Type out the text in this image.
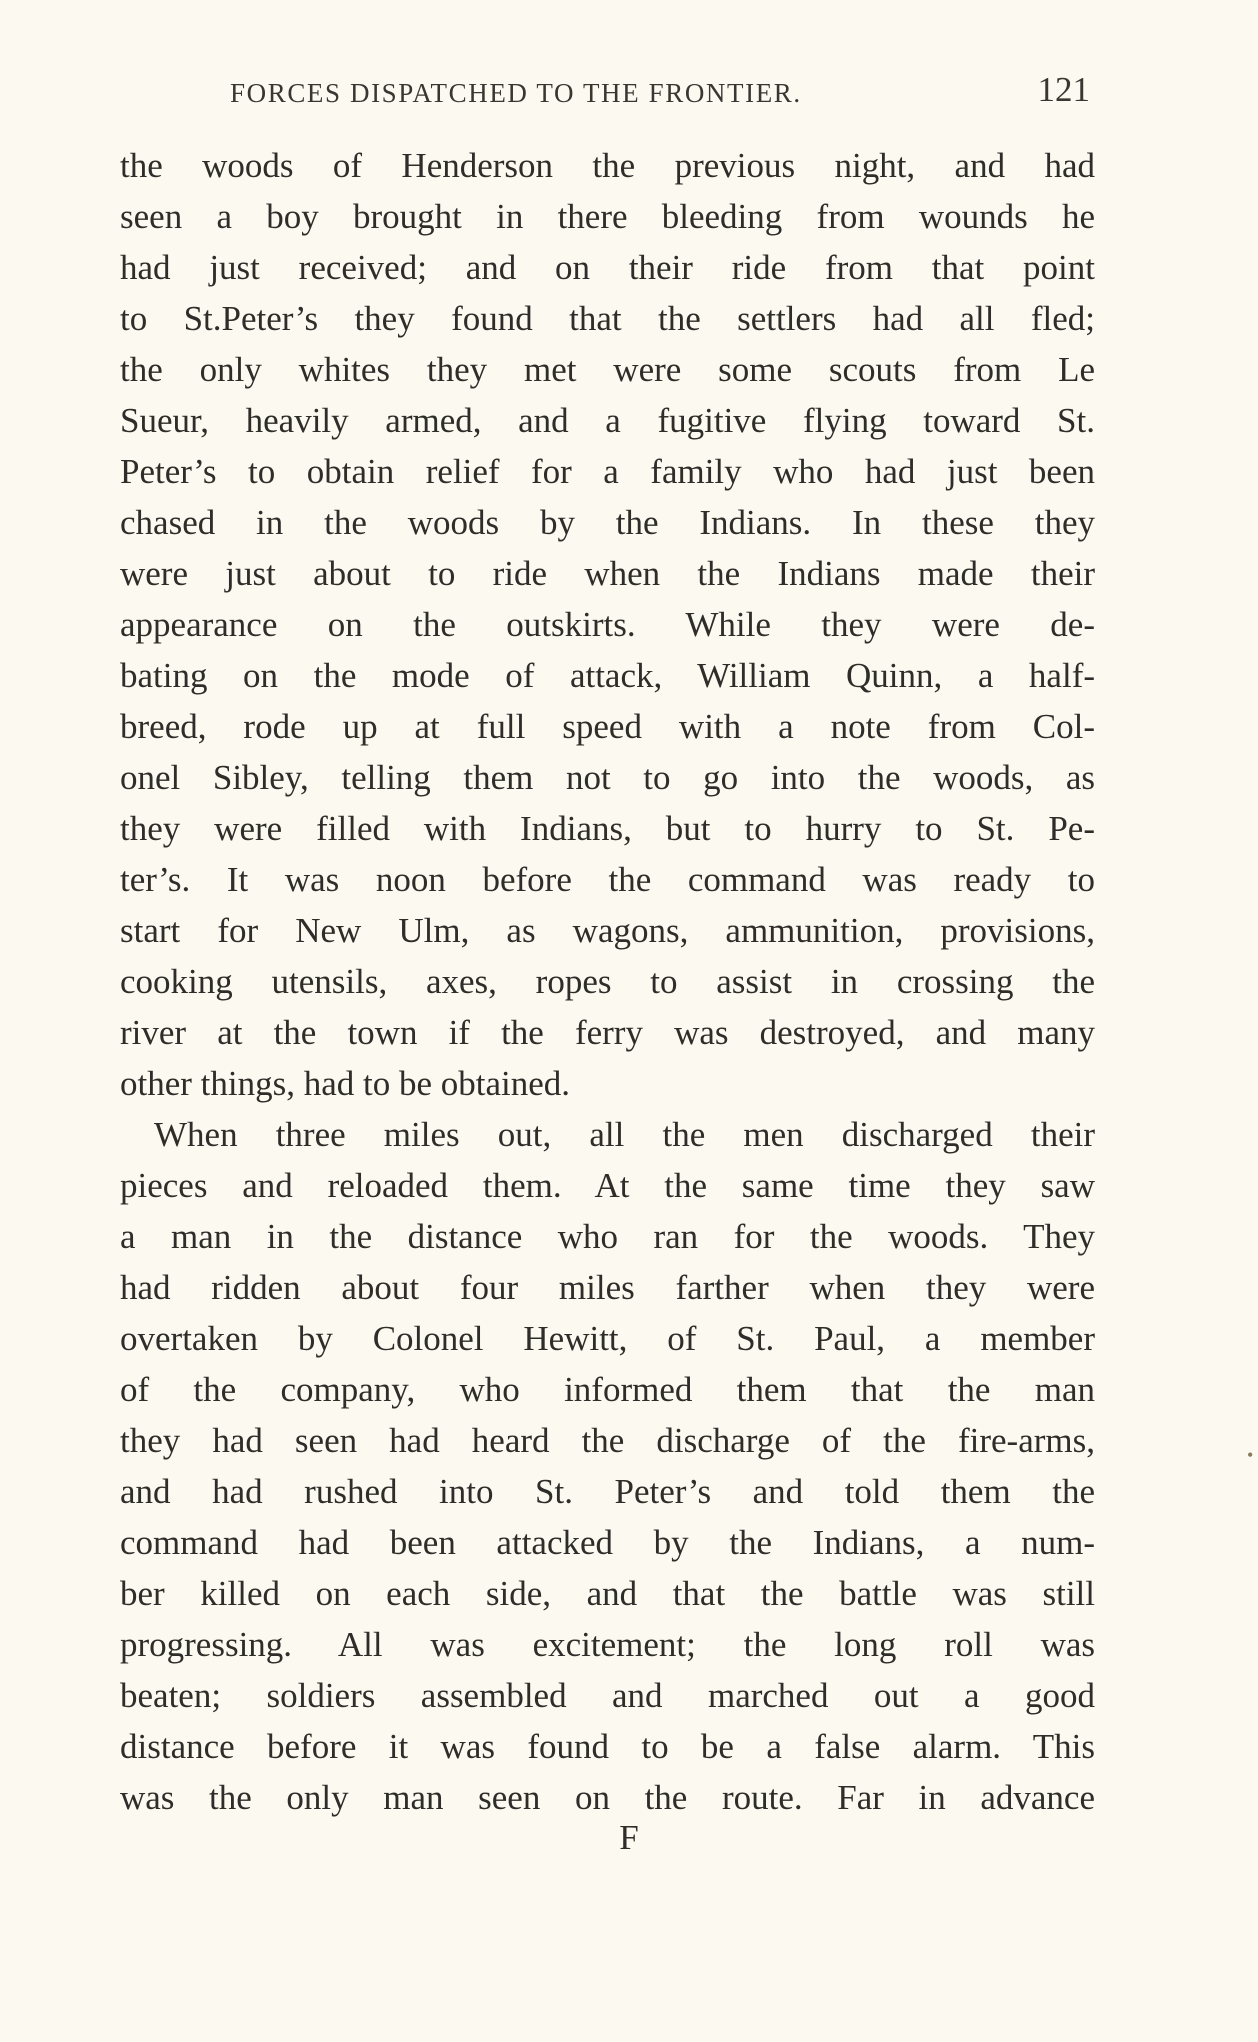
FORCES DISPATCHED TO THE FRONTIER.	121
the woods of Henderson the previous night, and had
seen a boy brought in there bleeding from wounds he
had just received; and on their ride from that point
to St.Peter’s they found that the settlers had all fled;
the only whites they met were some scouts from Le
Sueur, heavily armed, and a fugitive flying toward St.
Peter’s to obtain relief for a family who had just been
chased in the woods by the Indians. In these they
were just about to ride when the Indians made their
appearance on the outskirts. While they were de-
bating on the mode of attack, William Quinn, a half-
breed, rode up at full speed with a note from Col-
onel Sibley, telling them not to go into the woods, as
they were filled with Indians, but to hurry to St. Pe-
ter’s. It was noon before the command was ready to
start for New Ulm, as wagons, ammunition, provisions,
cooking utensils, axes, ropes to assist in crossing the
river at the town if the ferry was destroyed, and many
other things, had to be obtained.
When three miles out, all the men discharged their
pieces and reloaded them. At the same time they saw
a man in the distance who ran for the woods. They
had ridden about four miles farther when they were
overtaken by Colonel Hewitt, of St. Paul, a member
of the company, who informed them that the man
they had seen had heard the discharge of the fire-arms,
and had rushed into St. Peter’s and told them the
command had been attacked by the Indians, a num-
ber killed on each side, and that the battle was still
progressing. All was excitement; the long roll was
beaten; soldiers assembled and marched out a good
distance before it was found to be a false alarm. This
was the only man seen on the route. Far in advance
F
•
